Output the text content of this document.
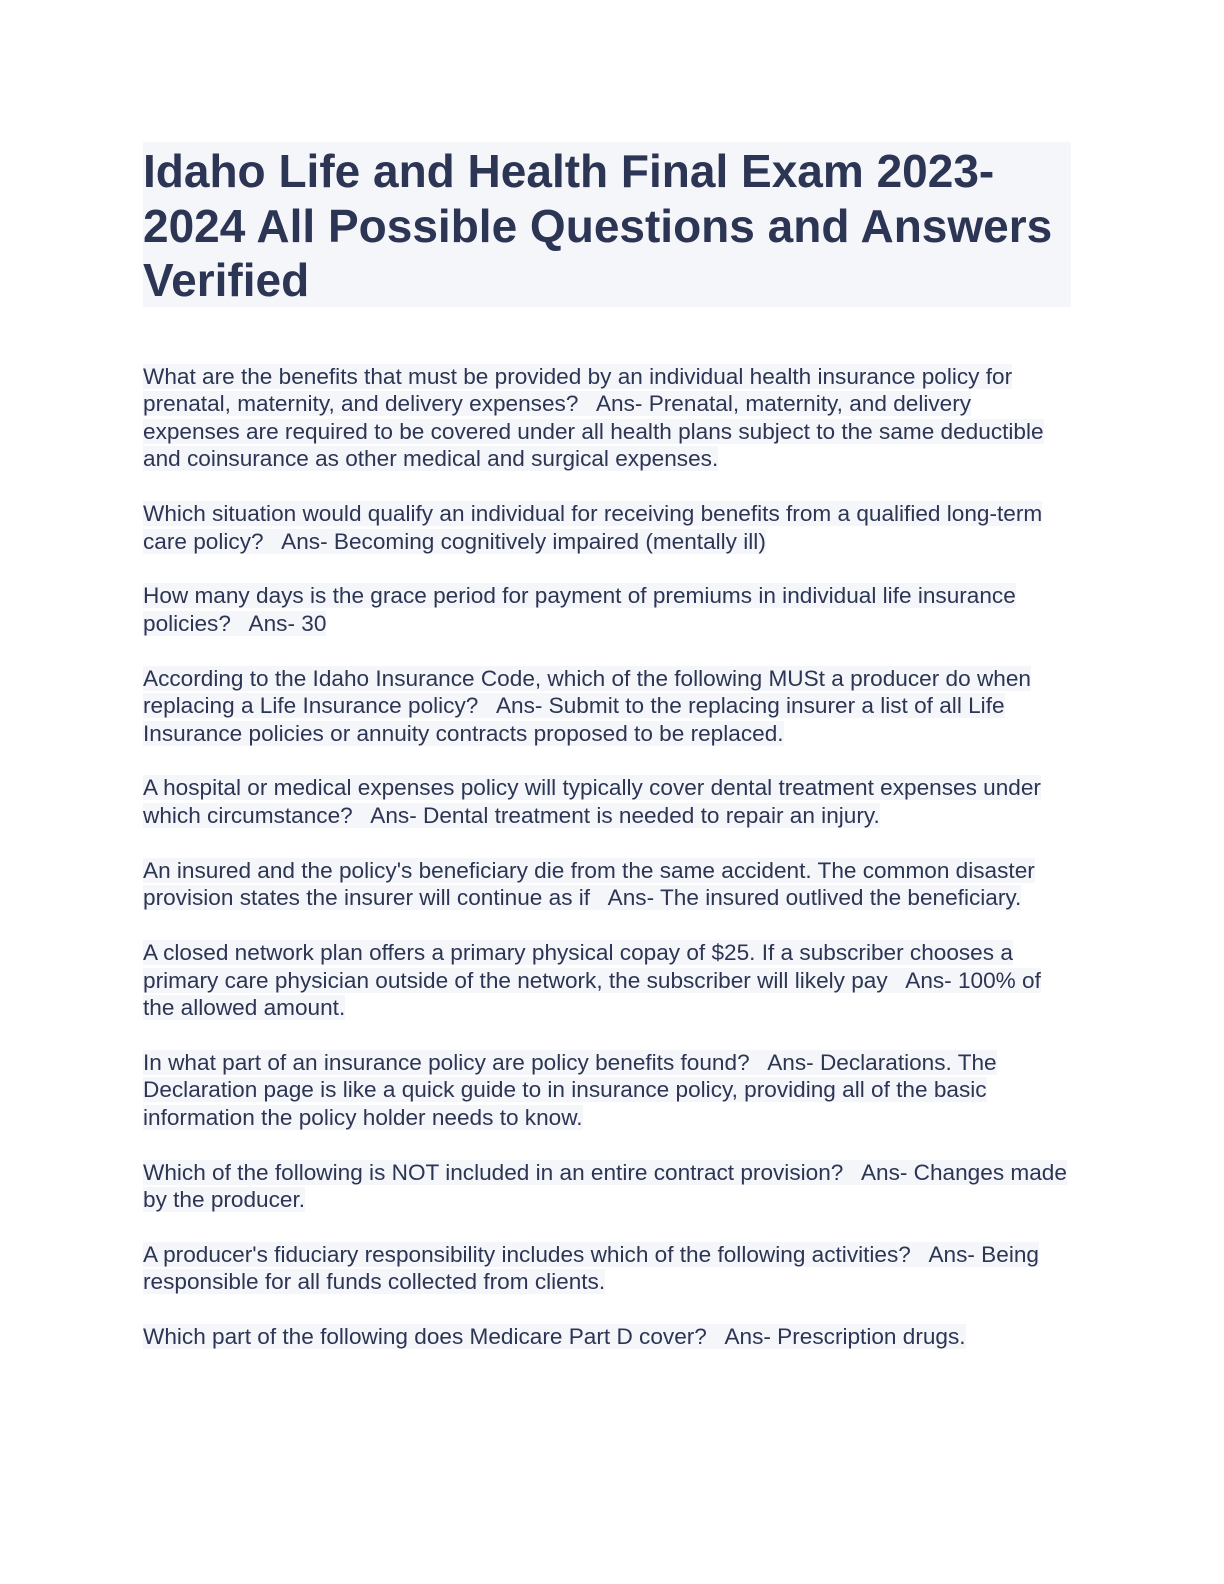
Idaho Life and Health Final Exam 2023-2024 All Possible Questions and Answers Verified

What are the benefits that must be provided by an individual health insurance policy for prenatal, maternity, and delivery expenses? Ans- Prenatal, maternity, and delivery expenses are required to be covered under all health plans subject to the same deductible and coinsurance as other medical and surgical expenses.

Which situation would qualify an individual for receiving benefits from a qualified long-term care policy? Ans- Becoming cognitively impaired (mentally ill)

How many days is the grace period for payment of premiums in individual life insurance policies? Ans- 30

According to the Idaho Insurance Code, which of the following MUSt a producer do when replacing a Life Insurance policy? Ans- Submit to the replacing insurer a list of all Life Insurance policies or annuity contracts proposed to be replaced.

A hospital or medical expenses policy will typically cover dental treatment expenses under which circumstance? Ans- Dental treatment is needed to repair an injury.

An insured and the policy's beneficiary die from the same accident. The common disaster provision states the insurer will continue as if Ans- The insured outlived the beneficiary.

A closed network plan offers a primary physical copay of $25. If a subscriber chooses a primary care physician outside of the network, the subscriber will likely pay Ans- 100% of the allowed amount.

In what part of an insurance policy are policy benefits found? Ans- Declarations. The Declaration page is like a quick guide to in insurance policy, providing all of the basic information the policy holder needs to know.

Which of the following is NOT included in an entire contract provision? Ans- Changes made by the producer.

A producer's fiduciary responsibility includes which of the following activities? Ans- Being responsible for all funds collected from clients.

Which part of the following does Medicare Part D cover? Ans- Prescription drugs.
